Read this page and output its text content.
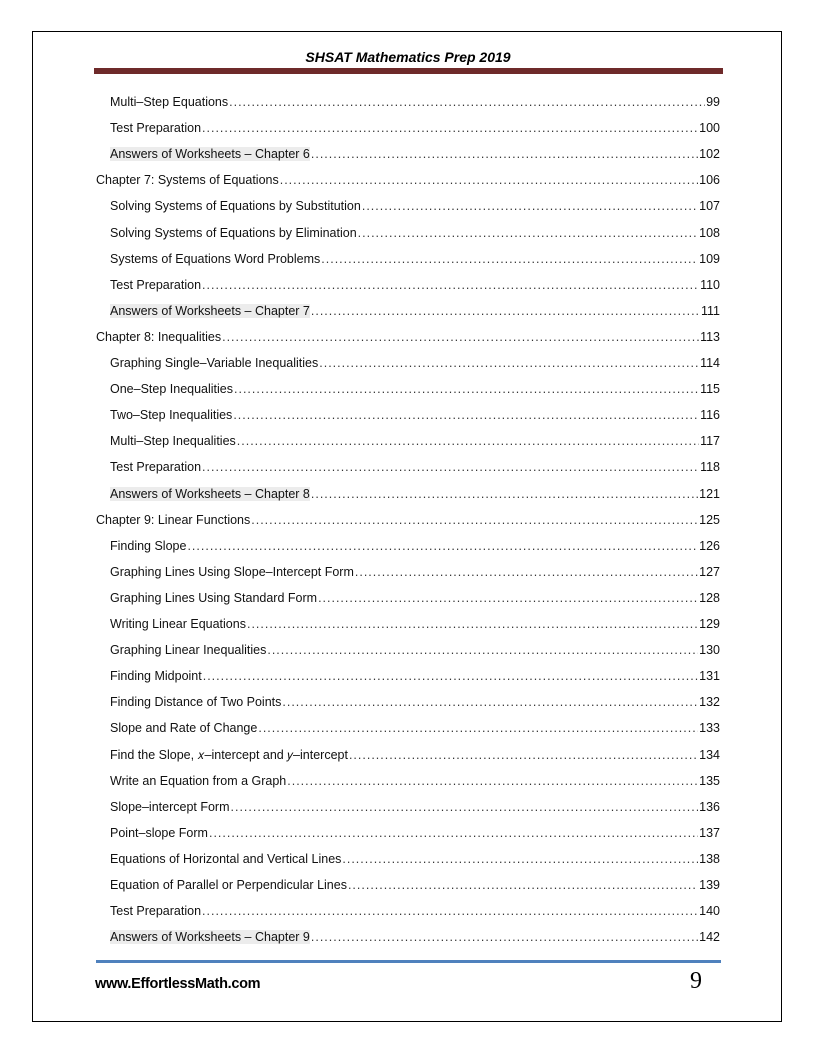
SHSAT Mathematics Prep 2019
Multi–Step Equations .....	99
Test Preparation .....	100
Answers of Worksheets – Chapter 6 .....	102
Chapter 7: Systems of Equations .....	106
Solving Systems of Equations by Substitution .....	107
Solving Systems of Equations by Elimination .....	108
Systems of Equations Word Problems .....	109
Test Preparation .....	110
Answers of Worksheets – Chapter 7 .....	111
Chapter 8: Inequalities .....	113
Graphing Single–Variable Inequalities .....	114
One–Step Inequalities .....	115
Two–Step Inequalities .....	116
Multi–Step Inequalities .....	117
Test Preparation .....	118
Answers of Worksheets – Chapter 8 .....	121
Chapter 9: Linear Functions .....	125
Finding Slope .....	126
Graphing Lines Using Slope–Intercept Form .....	127
Graphing Lines Using Standard Form .....	128
Writing Linear Equations .....	129
Graphing Linear Inequalities .....	130
Finding Midpoint .....	131
Finding Distance of Two Points .....	132
Slope and Rate of Change .....	133
Find the Slope, 𝑥–intercept and 𝑦–intercept .....	134
Write an Equation from a Graph .....	135
Slope–intercept Form .....	136
Point–slope Form .....	137
Equations of Horizontal and Vertical Lines .....	138
Equation of Parallel or Perpendicular Lines .....	139
Test Preparation .....	140
Answers of Worksheets – Chapter 9 .....	142
www.EffortlessMath.com	9
